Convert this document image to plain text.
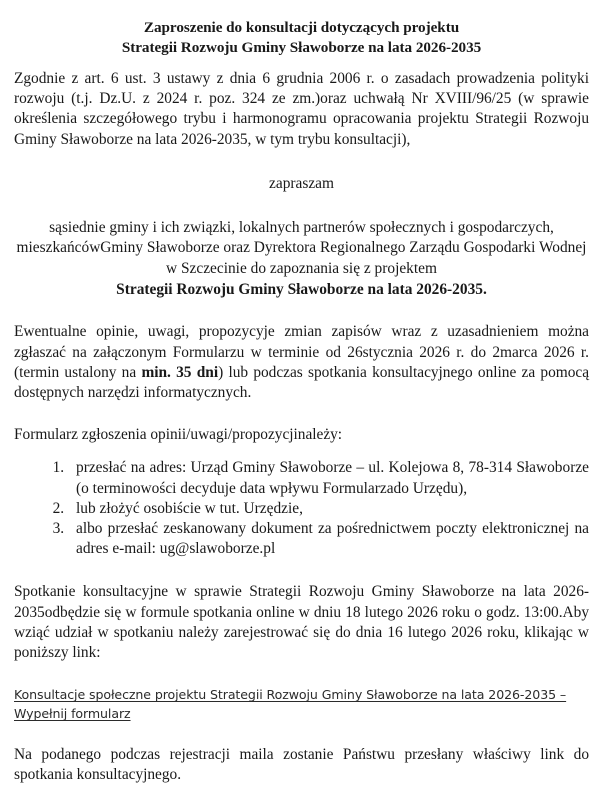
Zaproszenie do konsultacji dotyczących projektu
Strategii Rozwoju Gminy Sławoborze na lata 2026-2035

Zgodnie z art. 6 ust. 3 ustawy z dnia 6 grudnia 2006 r. o zasadach prowadzenia polityki rozwoju (t.j. Dz.U. z 2024 r. poz. 324 ze zm.)oraz uchwałą Nr XVIII/96/25 (w sprawie określenia szczegółowego trybu i harmonogramu opracowania projektu Strategii Rozwoju Gminy Sławoborze na lata 2026-2035, w tym trybu konsultacji),

zapraszam

sąsiednie gminy i ich związki, lokalnych partnerów społecznych i gospodarczych,
mieszkańcówGminy Sławoborze oraz Dyrektora Regionalnego Zarządu Gospodarki Wodnej
w Szczecinie do zapoznania się z projektem
Strategii Rozwoju Gminy Sławoborze na lata 2026-2035.

Ewentualne opinie, uwagi, propozycyje zmian zapisów wraz z uzasadnieniem można zgłaszać na załączonym Formularzu w terminie od 26stycznia 2026 r. do 2marca 2026 r. (termin ustalony na min. 35 dni) lub podczas spotkania konsultacyjnego online za pomocą dostępnych narzędzi informatycznych.

Formularz zgłoszenia opinii/uwagi/propozycjinależy:

1. przesłać na adres: Urząd Gminy Sławoborze – ul. Kolejowa 8, 78-314 Sławoborze (o terminowości decyduje data wpływu Formularzado Urzędu),
2. lub złożyć osobiście w tut. Urzędzie,
3. albo przesłać zeskanowany dokument za pośrednictwem poczty elektronicznej na adres e-mail: ug@slawoborze.pl

Spotkanie konsultacyjne w sprawie Strategii Rozwoju Gminy Sławoborze na lata 2026-2035odbędzie się w formule spotkania online w dniu 18 lutego 2026 roku o godz. 13:00.Aby wziąć udział w spotkaniu należy zarejestrować się do dnia 16 lutego 2026 roku, klikając w poniższy link:

Konsultacje społeczne projektu Strategii Rozwoju Gminy Sławoborze na lata 2026-2035 – Wypełnij formularz

Na podanego podczas rejestracji maila zostanie Państwu przesłany właściwy link do spotkania konsultacyjnego.
